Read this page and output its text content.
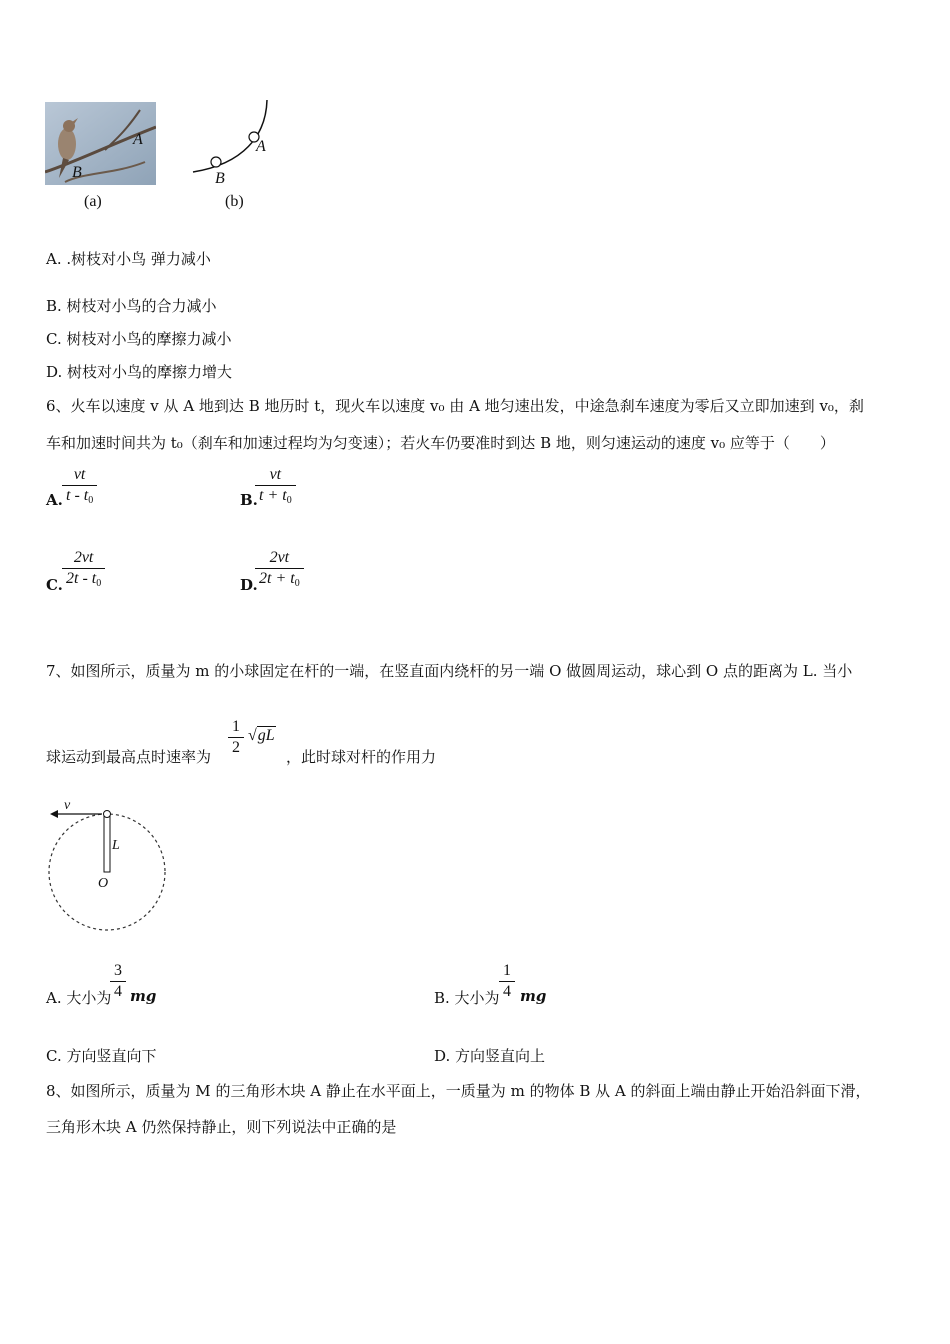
A
B
(a)
A
B
(b)
A. .树枝对小鸟 弹力减小
B. 树枝对小鸟的合力减小
C. 树枝对小鸟的摩擦力减小
D. 树枝对小鸟的摩擦力增大
6、火车以速度 v 从 A 地到达 B 地历时 t，现火车以速度 v₀ 由 A 地匀速出发，中途急刹车速度为零后又立即加速到 v₀，刹
车和加速时间共为 t₀（刹车和加速过程均为匀变速）；若火车仍要准时到达 B 地，则匀速运动的速度 v₀ 应等于（　　）
A.
vt
t - $t_0$	B.
vt
$t + t_0$
C.
2vt
$2t - t_0$	D.
2vt
$2t + t_0$
7、如图所示，质量为 m 的小球固定在杆的一端，在竖直面内绕杆的另一端 O 做圆周运动，球心到 O 点的距离为 L. 当小
球运动到最高点时速率为
1
2
√gL
，此时球对杆的作用力
v
L
O
A. 大小为
3
4 mg	B. 大小为
1
4 mg
C. 方向竖直向下	D. 方向竖直向上
8、如图所示，质量为 M 的三角形木块 A 静止在水平面上，一质量为 m 的物体 B 从 A 的斜面上端由静止开始沿斜面下滑，
三角形木块 A 仍然保持静止，则下列说法中正确的是
